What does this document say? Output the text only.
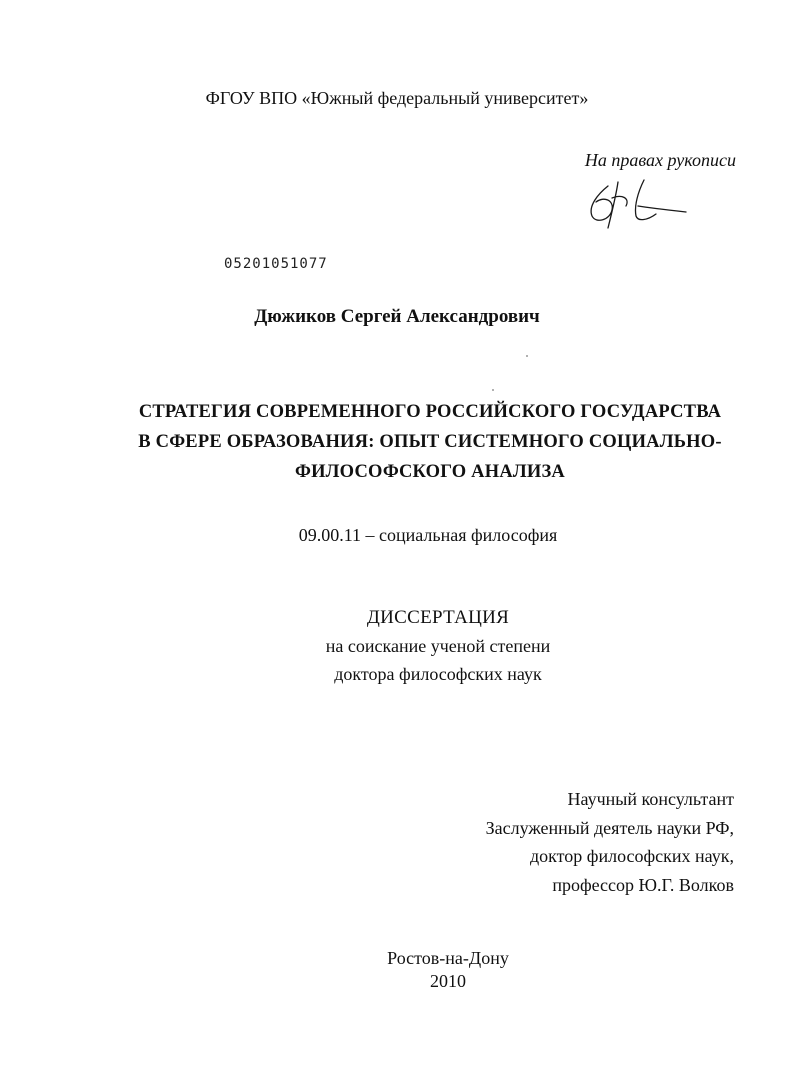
ФГОУ ВПО «Южный федеральный университет»
На правах рукописи
05201051077
Дюжиков Сергей Александрович
СТРАТЕГИЯ СОВРЕМЕННОГО РОССИЙСКОГО ГОСУДАРСТВА
В СФЕРЕ ОБРАЗОВАНИЯ: ОПЫТ СИСТЕМНОГО СОЦИАЛЬНО-
ФИЛОСОФСКОГО АНАЛИЗА
09.00.11 – социальная философия
ДИССЕРТАЦИЯ
на соискание ученой степени
доктора философских наук
Научный консультант
Заслуженный деятель науки РФ,
доктор философских наук,
профессор Ю.Г. Волков
Ростов-на-Дону
2010
